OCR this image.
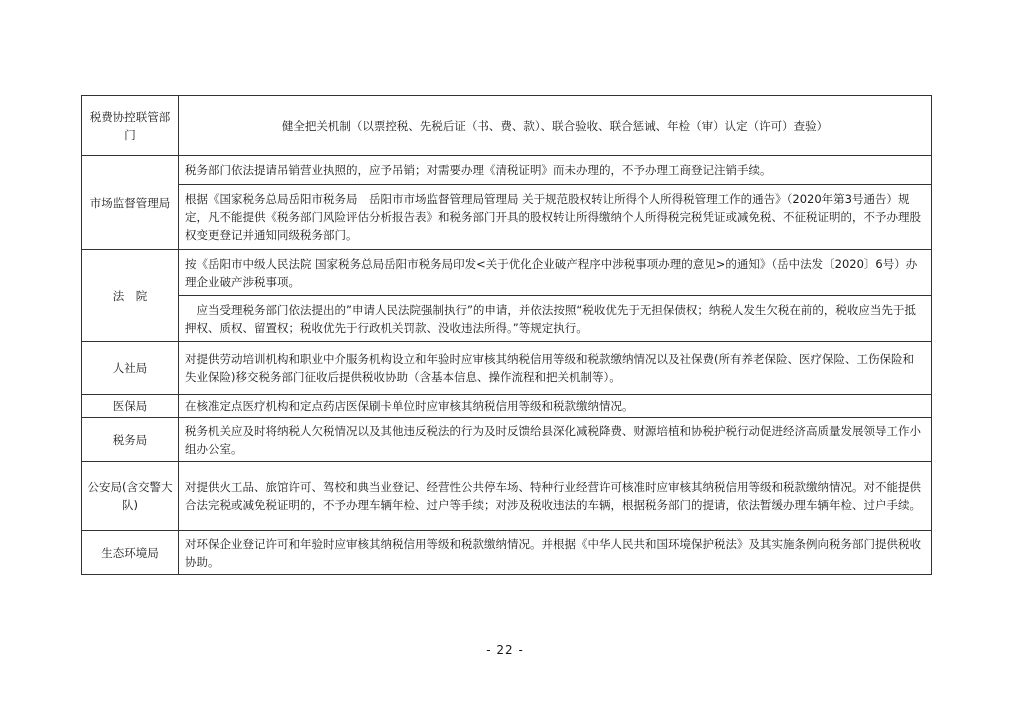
税费协控联管部门	健全把关机制（以票控税、先税后证（书、费、款）、联合验收、联合惩诫、年检（审）认定（许可）查验）
市场监督管理局	税务部门依法提请吊销营业执照的，应予吊销；对需要办理《清税证明》而未办理的，不予办理工商登记注销手续。
	根据《国家税务总局岳阳市税务局　岳阳市市场监督管理局管理局 关于规范股权转让所得个人所得税管理工作的通告》（2020年第3号通告）规定，凡不能提供《税务部门风险评估分析报告表》和税务部门开具的股权转让所得缴纳个人所得税完税凭证或减免税、不征税证明的，不予办理股权变更登记并通知同级税务部门。
法　院	按《岳阳市中级人民法院 国家税务总局岳阳市税务局印发<关于优化企业破产程序中涉税事项办理的意见>的通知》（岳中法发〔2020〕6号）办理企业破产涉税事项。
	应当受理税务部门依法提出的”申请人民法院强制执行”的申请，并依法按照“税收优先于无担保债权；纳税人发生欠税在前的，税收应当先于抵押权、质权、留置权；税收优先于行政机关罚款、没收违法所得。”等规定执行。
人社局	对提供劳动培训机构和职业中介服务机构设立和年验时应审核其纳税信用等级和税款缴纳情况以及社保费(所有养老保险、医疗保险、工伤保险和失业保险)移交税务部门征收后提供税收协助（含基本信息、操作流程和把关机制等）。
医保局	在核准定点医疗机构和定点药店医保刷卡单位时应审核其纳税信用等级和税款缴纳情况。
税务局	税务机关应及时将纳税人欠税情况以及其他违反税法的行为及时反馈给县深化减税降费、财源培植和协税护税行动促进经济高质量发展领导工作小组办公室。
公安局(含交警大队)	对提供火工品、旅馆许可、驾校和典当业登记、经营性公共停车场、特种行业经营许可核准时应审核其纳税信用等级和税款缴纳情况。对不能提供合法完税或减免税证明的，不予办理车辆年检、过户等手续；对涉及税收违法的车辆，根据税务部门的提请，依法暂缓办理车辆年检、过户手续。
生态环境局	对环保企业登记许可和年验时应审核其纳税信用等级和税款缴纳情况。并根据《中华人民共和国环境保护税法》及其实施条例向税务部门提供税收协助。
- 22 -
